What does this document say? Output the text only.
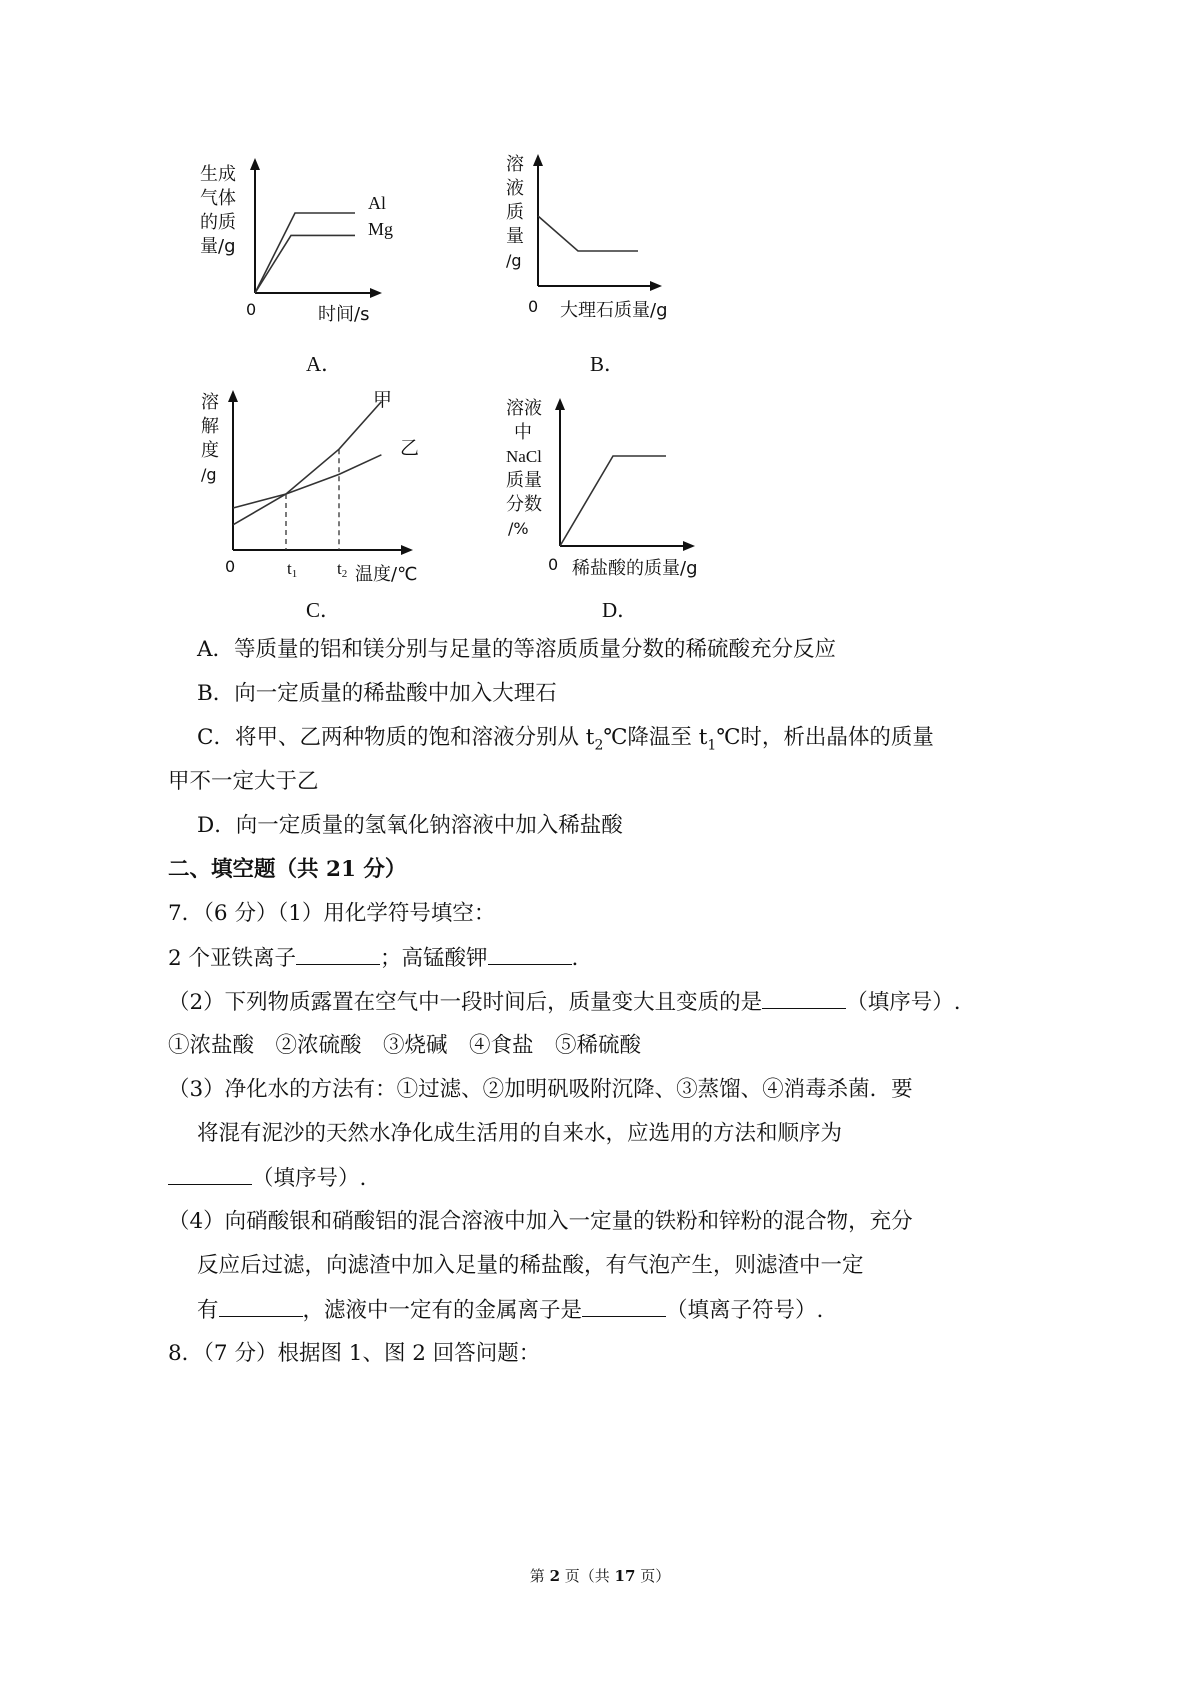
生成
气体
的质
量/g
Al
Mg
0	时间/s
A．
溶
液
质
量
/g
0 大理石质量/g
B．
溶
解
度
/g
甲
乙
0	t1 t2 温度/℃
C．
溶液
中
NaCl
质量
分数
/%
0 稀盐酸的质量/g
D．
A．等质量的铝和镁分别与足量的等溶质质量分数的稀硫酸充分反应
B．向一定质量的稀盐酸中加入大理石
C．将甲、乙两种物质的饱和溶液分别从 $t_2℃$降温至 $t_1℃$时，析出晶体的质量
甲不一定大于乙
D．向一定质量的氢氧化钠溶液中加入稀盐酸
二、填空题（共 21 分）
7．（6 分）（1）用化学符号填空：
2 个亚铁离子	；高锰酸钾	.
（2）下列物质露置在空气中一段时间后，质量变大且变质的是	（填序号）.
①浓盐酸　②浓硫酸　③烧碱　④食盐　⑤稀硫酸
（3）净化水的方法有：①过滤、②加明矾吸附沉降、③蒸馏、④消毒杀菌．要
将混有泥沙的天然水净化成生活用的自来水，应选用的方法和顺序为
（填序号）.
（4）向硝酸银和硝酸铝的混合溶液中加入一定量的铁粉和锌粉的混合物，充分
反应后过滤，向滤渣中加入足量的稀盐酸，有气泡产生，则滤渣中一定
有	，滤液中一定有的金属离子是	（填离子符号）.
8．（7 分）根据图 1、图 2 回答问题：
第 2 页（共 17 页）
